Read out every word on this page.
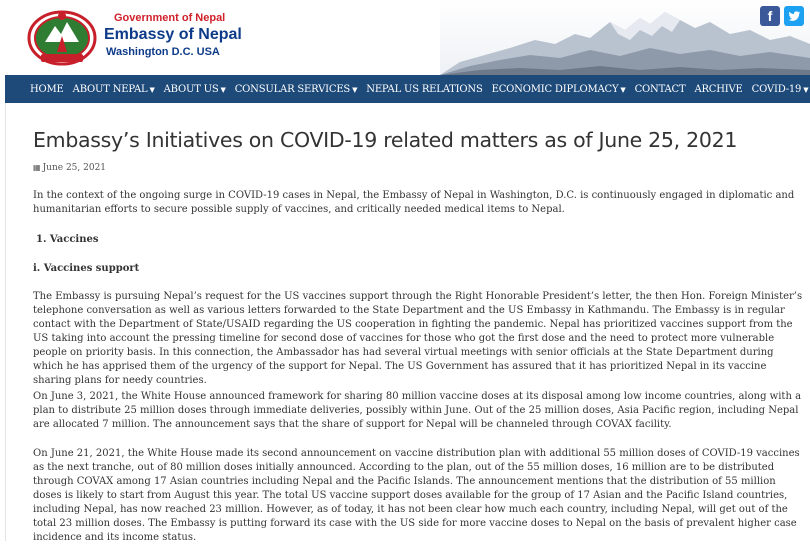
Government of Nepal
Embassy of Nepal
Washington D.C. USA
f
HOME ABOUT NEPAL ▼ ABOUT US ▼ CONSULAR SERVICES ▼ NEPAL US RELATIONS ECONOMIC DIPLOMACY ▼ CONTACT ARCHIVE COVID-19 ▼
Embassy’s Initiatives on COVID-19 related matters as of June 25, 2021
▦ June 25, 2021

In the context of the ongoing surge in COVID-19 cases in Nepal, the Embassy of Nepal in Washington, D.C. is continuously engaged in diplomatic and humanitarian efforts to secure possible supply of vaccines, and critically needed medical items to Nepal.

1. Vaccines

i. Vaccines support

The Embassy is pursuing Nepal’s request for the US vaccines support through the Right Honorable President’s letter, the then Hon. Foreign Minister’s telephone conversation as well as various letters forwarded to the State Department and the US Embassy in Kathmandu. The Embassy is in regular contact with the Department of State/USAID regarding the US cooperation in fighting the pandemic. Nepal has prioritized vaccines support from the US taking into account the pressing timeline for second dose of vaccines for those who got the first dose and the need to protect more vulnerable people on priority basis. In this connection, the Ambassador has had several virtual meetings with senior officials at the State Department during which he has apprised them of the urgency of the support for Nepal. The US Government has assured that it has prioritized Nepal in its vaccine sharing plans for needy countries.

On June 3, 2021, the White House announced framework for sharing 80 million vaccine doses at its disposal among low income countries, along with a plan to distribute 25 million doses through immediate deliveries, possibly within June. Out of the 25 million doses, Asia Pacific region, including Nepal are allocated 7 million. The announcement says that the share of support for Nepal will be channeled through COVAX facility.

On June 21, 2021, the White House made its second announcement on vaccine distribution plan with additional 55 million doses of COVID-19 vaccines as the next tranche, out of 80 million doses initially announced. According to the plan, out of the 55 million doses, 16 million are to be distributed through COVAX among 17 Asian countries including Nepal and the Pacific Islands. The announcement mentions that the distribution of 55 million doses is likely to start from August this year. The total US vaccine support doses available for the group of 17 Asian and the Pacific Island countries, including Nepal, has now reached 23 million. However, as of today, it has not been clear how much each country, including Nepal, will get out of the total 23 million doses. The Embassy is putting forward its case with the US side for more vaccine doses to Nepal on the basis of prevalent higher case incidence and its income status.
